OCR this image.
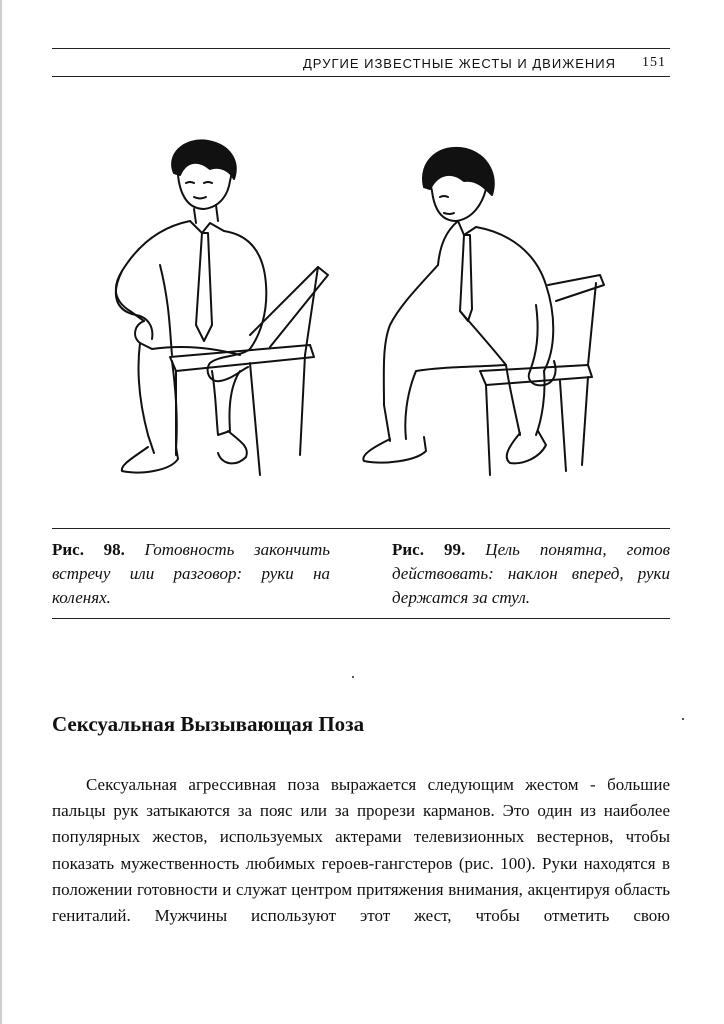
ДРУГИЕ ИЗВЕСТНЫЕ ЖЕСТЫ И ДВИЖЕНИЯ 151
Рис. 98. Готовность закончить встречу или разговор: руки на коленях.
Рис. 99. Цель понятна, готов действовать: наклон вперед, руки держатся за стул.
Сексуальная Вызывающая Поза
Сексуальная агрессивная поза выражается следующим жестом - большие пальцы рук затыкаются за пояс или за прорези карманов. Это один из наиболее популярных жестов, используемых актерами телевизионных вестернов, чтобы показать мужественность любимых героев-гангстеров (рис. 100). Руки находятся в положении готовности и служат центром притяжения внимания, акцентируя область гениталий. Мужчины используют этот жест, чтобы отметить свою
